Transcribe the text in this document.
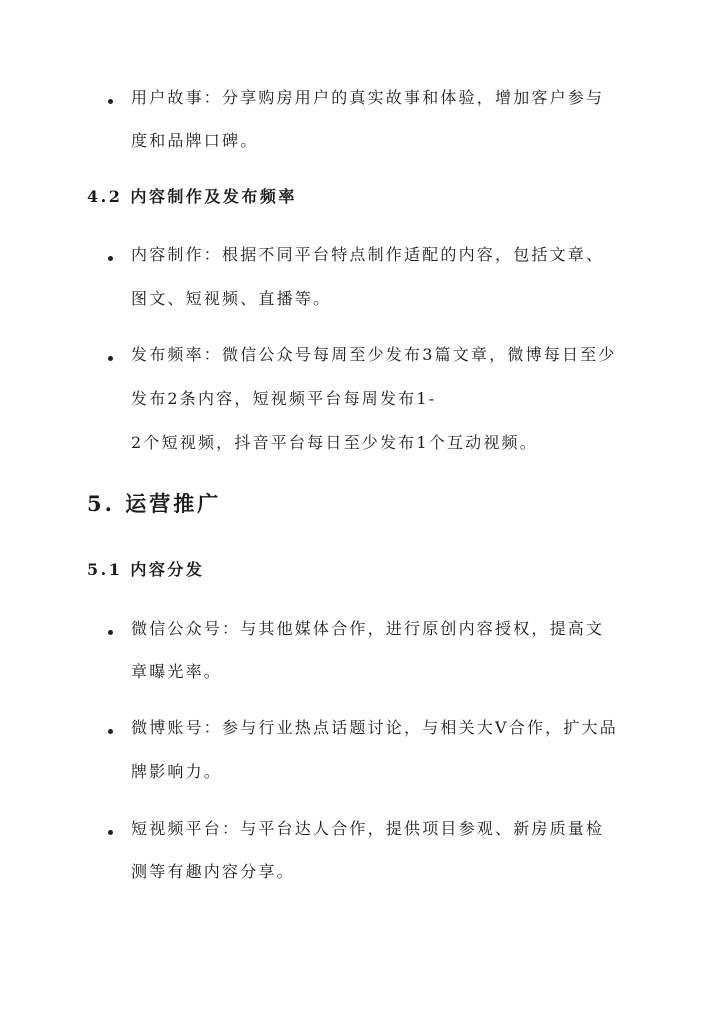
用户故事：分享购房用户的真实故事和体验，增加客户参与
度和品牌口碑。
4.2 内容制作及发布频率
内容制作：根据不同平台特点制作适配的内容，包括文章、
图文、短视频、直播等。
发布频率：微信公众号每周至少发布3篇文章，微博每日至少
发布2条内容，短视频平台每周发布1-
2个短视频，抖音平台每日至少发布1个互动视频。
5. 运营推广
5.1 内容分发
微信公众号：与其他媒体合作，进行原创内容授权，提高文
章曝光率。
微博账号：参与行业热点话题讨论，与相关大V合作，扩大品
牌影响力。
短视频平台：与平台达人合作，提供项目参观、新房质量检
测等有趣内容分享。
